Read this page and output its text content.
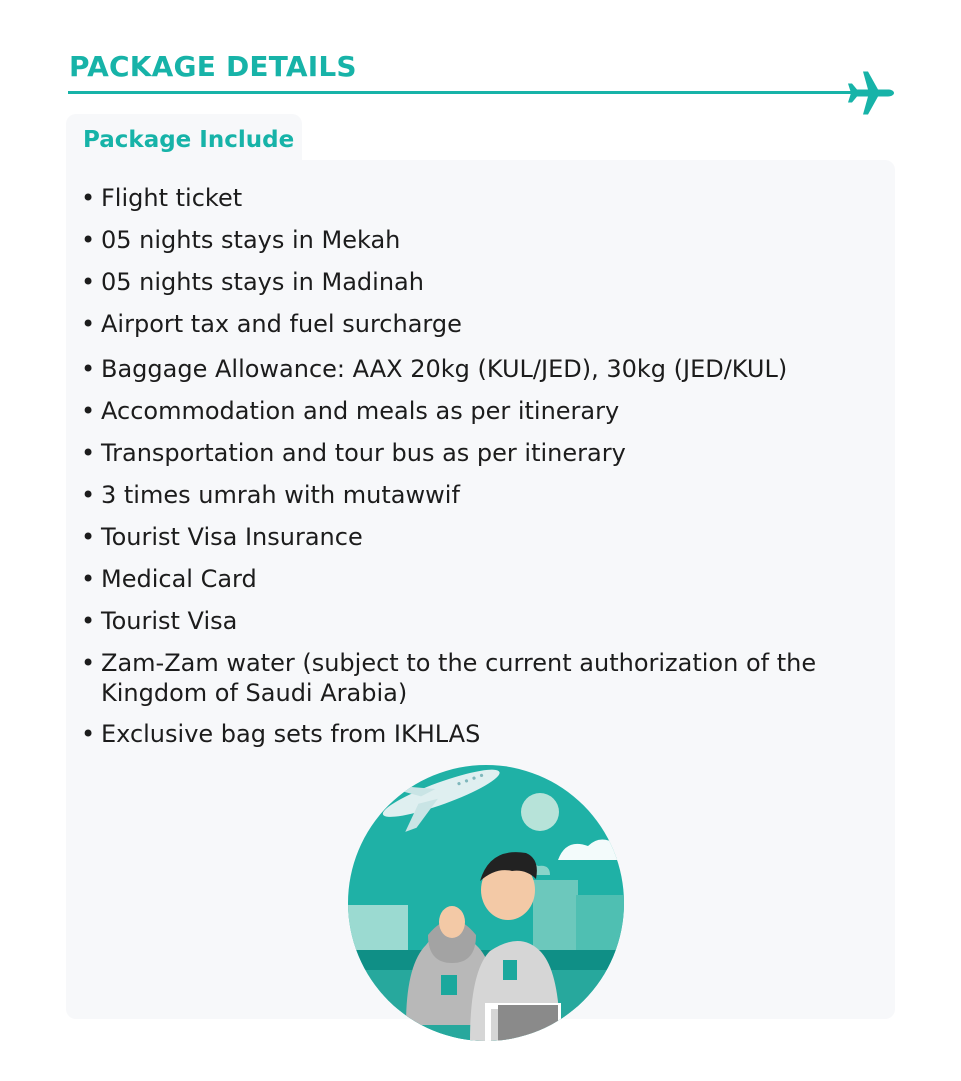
PACKAGE DETAILS
Package Include
• Flight ticket
• 05 nights stays in Mekah
• 05 nights stays in Madinah
• Airport tax and fuel surcharge
• Baggage Allowance: AAX 20kg (KUL/JED), 30kg (JED/KUL)
• Accommodation and meals as per itinerary
• Transportation and tour bus as per itinerary
• 3 times umrah with mutawwif
• Tourist Visa Insurance
• Medical Card
• Tourist Visa
• Zam-Zam water (subject to the current authorization of the
Kingdom of Saudi Arabia)
• Exclusive bag sets from IKHLAS
